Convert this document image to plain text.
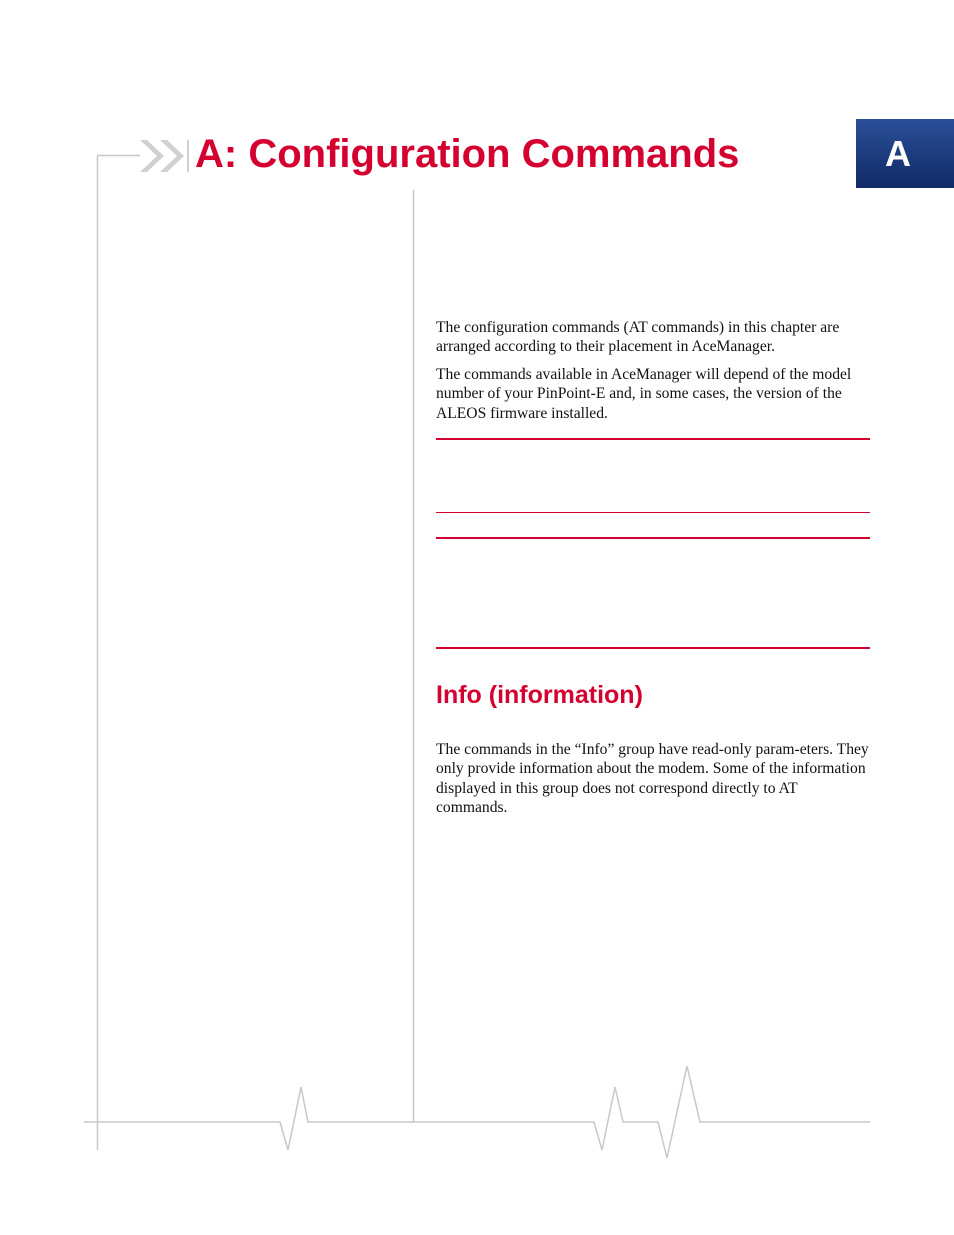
A: Configuration Commands	A

The configuration commands (AT commands) in this chapter are arranged according to their placement in AceManager.

The commands available in AceManager will depend of the model number of your PinPoint-E and, in some cases, the version of the ALEOS firmware installed.

Info (information)

The commands in the “Info” group have read-only param-eters. They only provide information about the modem. Some of the information displayed in this group does not correspond directly to AT commands.
